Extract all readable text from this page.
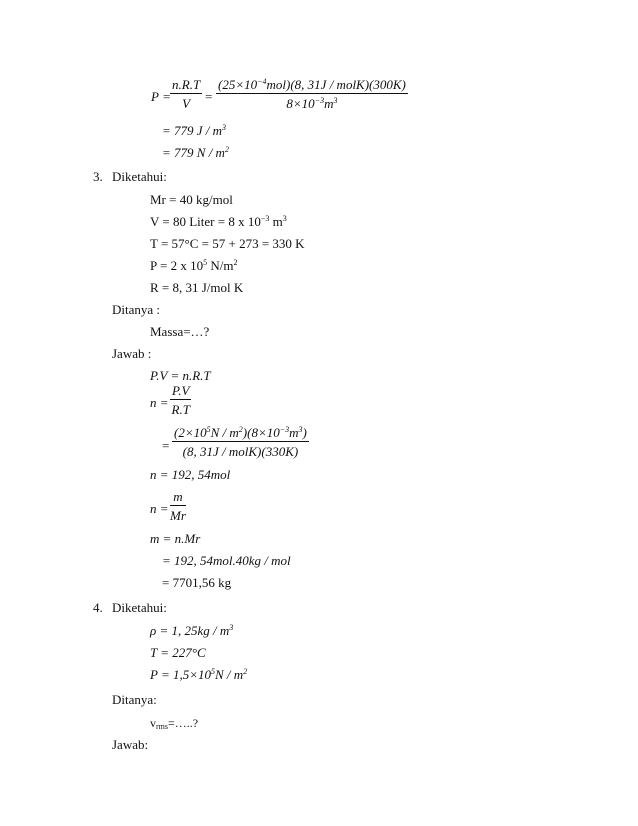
$P = \frac{n.R.T}{V}$ =
$(25\times 10^{-4}mol)(8$, 31J / molK)(300K)
$8\times 10^{-3}m^3$
= 779 J / $m^3$
= 779 N / $m^2$
3. Diketahui:
Mr = 40 kg/mol
V = 80 Liter = 8 x $10^{-3}$ $m^3$
T = 57°C = 57 + 273 = 330 K
P = 2 x $10^5$ $N/m^2$
R = 8, 31 J/mol K
Ditanya :
Massa=…?
Jawab :
P.V = n.R.T
$n = \frac{P.V}{R.T}$
=
$(2\times 10^5N / m^2)(8\times 10^{-3}m^3)$
(8, 31J / molK)(330K)
n = 192, 54mol
$n = \frac{m}{Mr}$
m = n.Mr
= 192, 54mol.40kg / mol
= 7701,56 kg
4. Diketahui:
ρ = 1, $25kg / m^3$
T = 227°C
$P = 1,5\times 10^5N / m^2$
Ditanya:
$v_{rms}=\dots$..?
Jawab:
